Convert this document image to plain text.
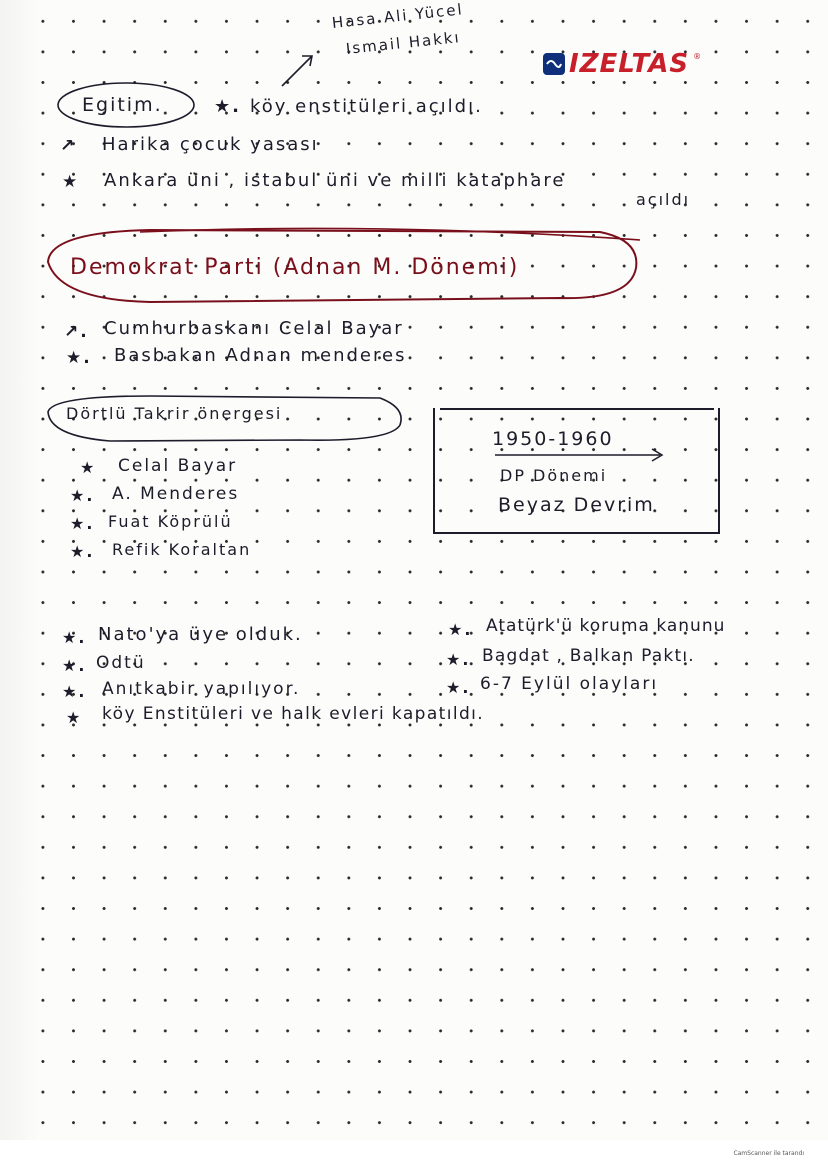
IZELTAS ®
Hasa Ali Yücel
Ismail Hakkı
Egitim.	★. köy enstitüleri açıldı.
↗ Harika çocuk yasası
★ Ankara üni , istabul üni ve milli kataphare
açıldı
Demokrat Parti (Adnan M. Dönemi)
↗. Cumhurbaskanı Celal Bayar
★. Basbakan Adnan menderes
Dörtlü Takrir önergesi
★ Celal Bayar
★. A. Menderes
★. Fuat Köprülü
★. Refik Koraltan
1950-1960
DP Dönemi
Beyaz Devrim
★. Nato'ya üye olduk.
★. Odtü
★. Anıtkabir yapılıyor.
★ köy Enstitüleri ve halk evleri kapatıldı.
★. Atatürk'ü koruma kanunu
★. Bagdat , Balkan Paktı.
★. 6-7 Eylül olayları
CamScanner ile tarandı
